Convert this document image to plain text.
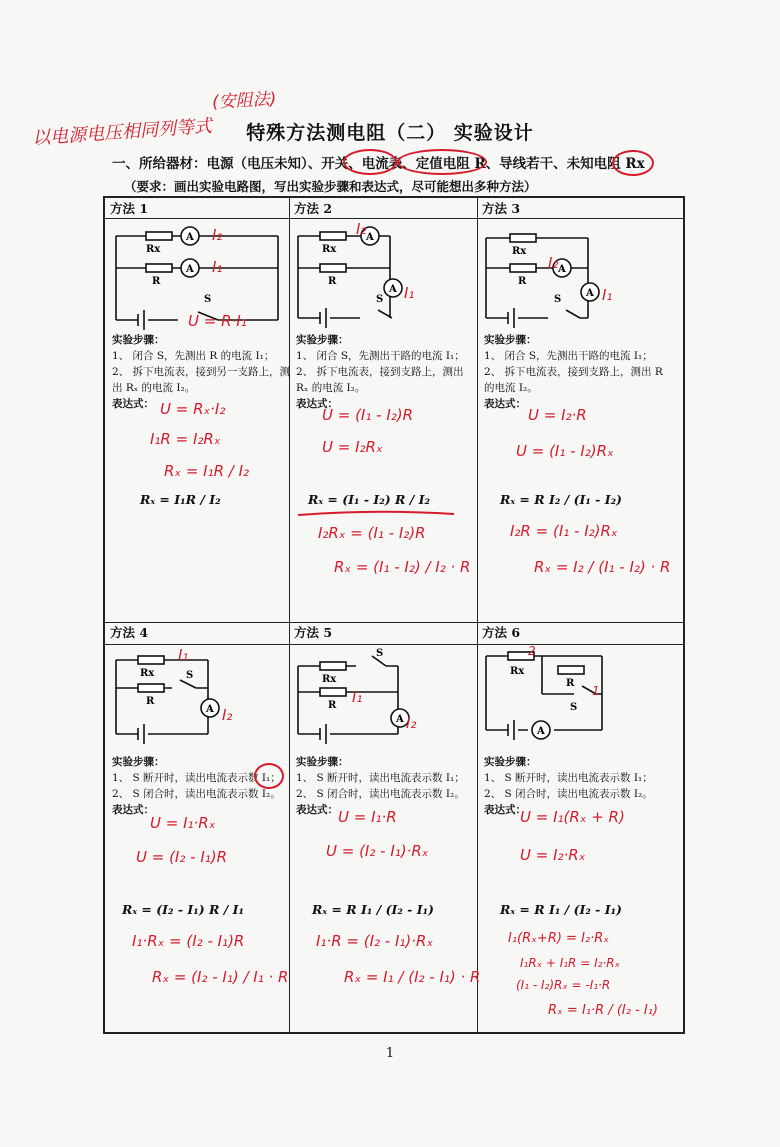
以电源电压相同列等式
(安阻法)
特殊方法测电阻（二） 实验设计
一、所给器材：电源（电压未知）、开关、电流表、定值电阻 R、导线若干、未知电阻 Rx
（要求：画出实验电路图，写出实验步骤和表达式，尽可能想出多种方法）
方法 1
Rx
R
A
A
S
I₂
I₁
U = R·I₁
实验步骤：
1、 闭合 S，先测出 R 的电流 I₁；
2、 拆下电流表，接到另一支路上，测出 Rₓ 的电流 I₂。
表达式： U = Rₓ·I₂
I₁R = I₂Rₓ
Rₓ = I₁R / I₂
Rₓ = I₁R / I₂
方法 2
Rx
R
A
A
S
I₂
I₁
实验步骤：
1、 闭合 S，先测出干路的电流 I₁；
2、 拆下电流表，接到支路上，测出 Rₓ 的电流 I₂。
表达式：
U = (I₁ - I₂)R
U = I₂Rₓ
Rₓ = (I₁ - I₂) R / I₂
I₂Rₓ = (I₁ - I₂)R
Rₓ = (I₁ - I₂) / I₂ · R
方法 3
Rx
R
A
A
S
I₂
I₁
实验步骤：
1、 闭合 S，先测出干路的电流 I₁；
2、 拆下电流表，接到支路上，测出 R 的电流 I₂。
表达式：
U = I₂·R
U = (I₁ - I₂)Rₓ
Rₓ = R I₂ / (I₁ - I₂)
I₂R = (I₁ - I₂)Rₓ
Rₓ = I₂ / (I₁ - I₂) · R
方法 4
Rx
R
A
S
I₁
I₂
实验步骤：
1、 S 断开时，读出电流表示数 I₁；
2、 S 闭合时，读出电流表示数 I₂。
表达式：
U = I₁·Rₓ
U = (I₂ - I₁)R
Rₓ = (I₂ - I₁) R / I₁
I₁·Rₓ = (I₂ - I₁)R
Rₓ = (I₂ - I₁) / I₁ · R
方法 5
Rx
R
A
S
I₁
I₂
实验步骤：
1、 S 断开时，读出电流表示数 I₁；
2、 S 闭合时，读出电流表示数 I₂。
表达式： U = I₁·R
U = (I₂ - I₁)·Rₓ
Rₓ = R I₁ / (I₂ - I₁)
I₁·R = (I₂ - I₁)·Rₓ
Rₓ = I₁ / (I₂ - I₁) · R
方法 6
Rx
R
A
S
2
1
实验步骤：
1、 S 断开时，读出电流表示数 I₁；
2、 S 闭合时，读出电流表示数 I₂。
表达式：
U = I₁(Rₓ + R)
U = I₂·Rₓ
Rₓ = R I₁ / (I₂ - I₁)
I₁(Rₓ+R) = I₂·Rₓ
I₁Rₓ + I₁R = I₂·Rₓ
(I₁ - I₂)Rₓ = -I₁·R
Rₓ = I₁·R / (I₂ - I₁)
1
